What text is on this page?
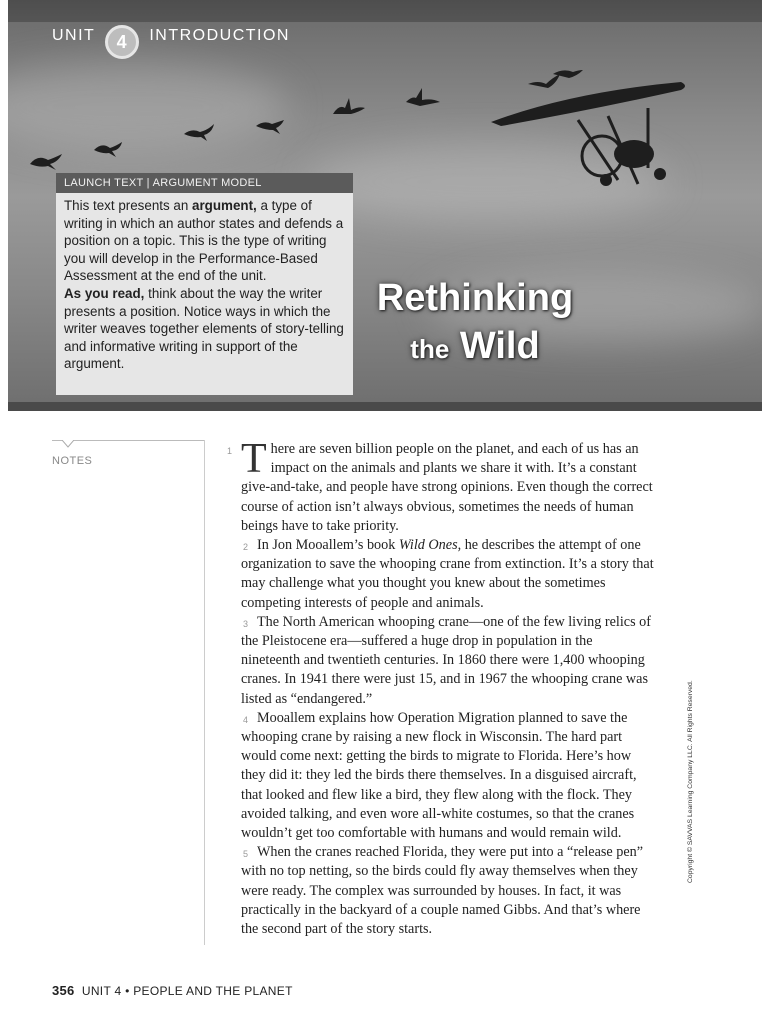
UNIT	4	INTRODUCTION
LAUNCH TEXT | ARGUMENT MODEL

This text presents an argument, a type of writing in which an author states and defends a position on a topic. This is the type of writing you will develop in the Performance-Based Assessment at the end of the unit.

As you read, think about the way the writer presents a position. Notice ways in which the writer weaves together elements of story-telling and informative writing in support of the argument.

Rethinking
the Wild
NOTES

1 T here are seven billion people on the planet, and each of us has an impact on the animals and plants we share it with. It’s a constant give-and-take, and people have strong opinions. Even though the correct course of action isn’t always obvious, sometimes the needs of human beings have to take priority.

2 In Jon Mooallem’s book Wild Ones, he describes the attempt of one organization to save the whooping crane from extinction. It’s a story that may challenge what you thought you knew about the sometimes competing interests of people and animals.

3 The North American whooping crane—one of the few living relics of the Pleistocene era—suffered a huge drop in population in the nineteenth and twentieth centuries. In 1860 there were 1,400 whooping cranes. In 1941 there were just 15, and in 1967 the whooping crane was listed as “endangered.”

4 Mooallem explains how Operation Migration planned to save the whooping crane by raising a new flock in Wisconsin. The hard part would come next: getting the birds to migrate to Florida. Here’s how they did it: they led the birds there themselves. In a disguised aircraft, that looked and flew like a bird, they flew along with the flock. They avoided talking, and even wore all-white costumes, so that the cranes wouldn’t get too comfortable with humans and would remain wild.

5 When the cranes reached Florida, they were put into a “release pen” with no top netting, so the birds could fly away themselves when they were ready. The complex was surrounded by houses. In fact, it was practically in the backyard of a couple named Gibbs. And that’s where the second part of the story starts.

Copyright © SAVVAS Learning Company LLC. All Rights Reserved.
356 UNIT 4 • PEOPLE AND THE PLANET
